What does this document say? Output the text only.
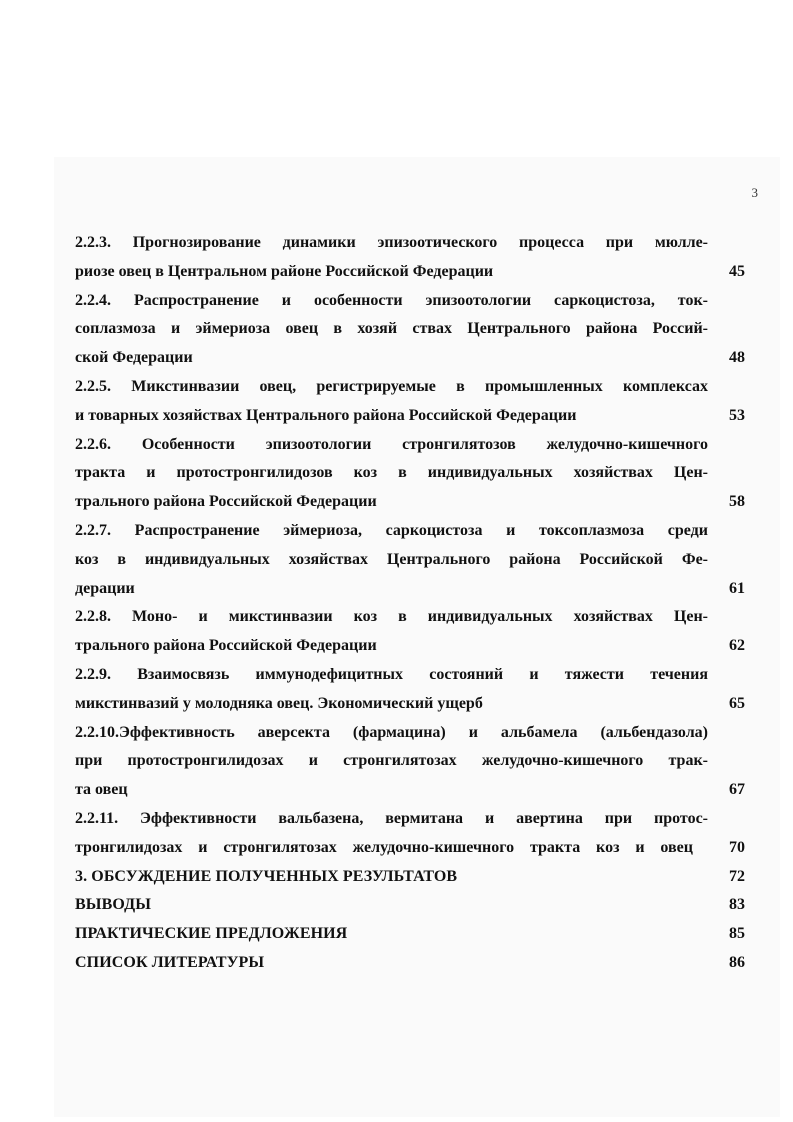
3
2.2.3. Прогнозирование динамики эпизоотического процесса при мюлле-
риозе овец в Центральном районе Российской Федерации	45
2.2.4. Распространение и особенности эпизоотологии саркоцистоза, ток-
соплазмоза и эймериоза овец в хозяй ствах Центрального района Россий-
ской Федерации	48
2.2.5. Микстинвазии овец, регистрируемые в промышленных комплексах
и товарных хозяйствах Центрального района Российской Федерации	53
2.2.6. Особенности эпизоотологии стронгилятозов желудочно-кишечного
тракта и протостронгилидозов коз в индивидуальных хозяйствах Цен-
трального района Российской Федерации	58
2.2.7. Распространение эймериоза, саркоцистоза и токсоплазмоза среди
коз в индивидуальных хозяйствах Центрального района Российской Фе-
дерации	61
2.2.8. Моно- и микстинвазии коз в индивидуальных хозяйствах Цен-
трального района Российской Федерации	62
2.2.9. Взаимосвязь иммунодефицитных состояний и тяжести течения
микстинвазий у молодняка овец. Экономический ущерб	65
2.2.10.Эффективность аверсекта (фармацина) и альбамела (альбендазола)
при протостронгилидозах и стронгилятозах желудочно-кишечного трак-
та овец	67
2.2.11. Эффективности вальбазена, вермитана и авертина при протос-
тронгилидозах и стронгилятозах желудочно-кишечного тракта коз и овец	70
3. ОБСУЖДЕНИЕ ПОЛУЧЕННЫХ РЕЗУЛЬТАТОВ	72
ВЫВОДЫ	83
ПРАКТИЧЕСКИЕ ПРЕДЛОЖЕНИЯ	85
СПИСОК ЛИТЕРАТУРЫ	86
